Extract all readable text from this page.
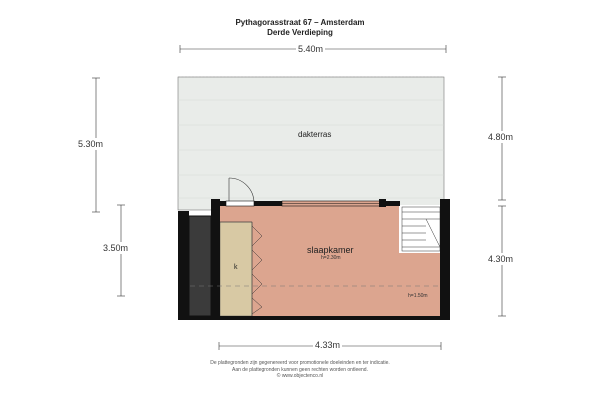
Pythagorasstraat 67 – Amsterdam
Derde Verdieping
5.40m
5.30m
3.50m
4.80m
4.30m
4.33m
dakterras
slaapkamer
h=2.30m
k
h=1.50m
De plattegronden zijn gegenereerd voor promotionele doeleinden en ter indicatie.
Aan de plattegronden kunnen geen rechten worden ontleend.
© www.objectenco.nl
